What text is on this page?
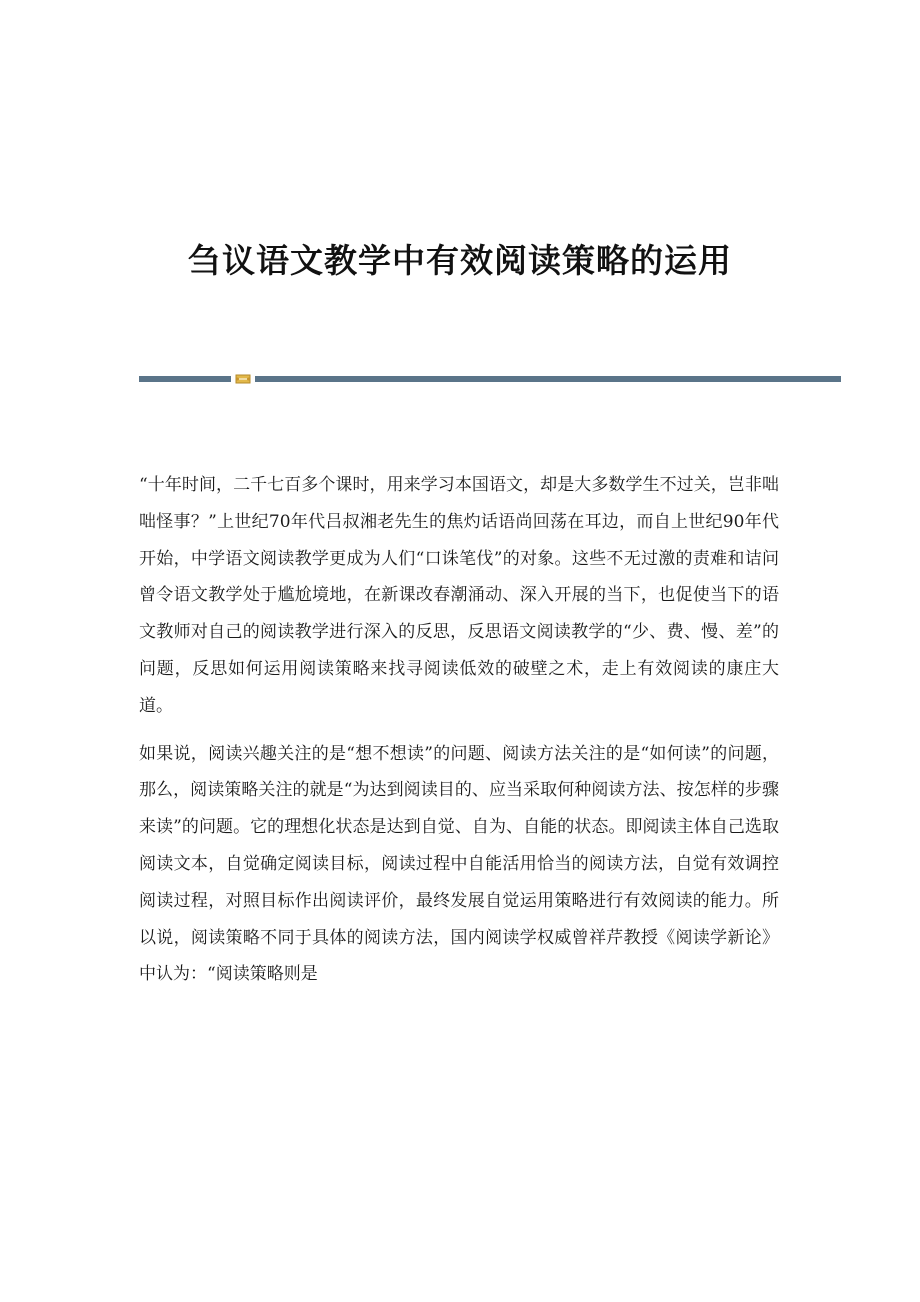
刍议语文教学中有效阅读策略的运用

“十年时间，二千七百多个课时，用来学习本国语文，却是大多数学生不过关，岂非咄咄怪事？”上世纪70年代吕叔湘老先生的焦灼话语尚回荡在耳边，而自上世纪90年代开始，中学语文阅读教学更成为人们“口诛笔伐”的对象。这些不无过激的责难和诘问曾令语文教学处于尴尬境地，在新课改春潮涌动、深入开展的当下，也促使当下的语文教师对自己的阅读教学进行深入的反思，反思语文阅读教学的“少、费、慢、差”的问题，反思如何运用阅读策略来找寻阅读低效的破壁之术，走上有效阅读的康庄大道。

如果说，阅读兴趣关注的是“想不想读”的问题、阅读方法关注的是“如何读”的问题，那么，阅读策略关注的就是“为达到阅读目的、应当采取何种阅读方法、按怎样的步骤来读”的问题。它的理想化状态是达到自觉、自为、自能的状态。即阅读主体自己选取阅读文本，自觉确定阅读目标，阅读过程中自能活用恰当的阅读方法，自觉有效调控阅读过程，对照目标作出阅读评价，最终发展自觉运用策略进行有效阅读的能力。所以说，阅读策略不同于具体的阅读方法，国内阅读学权威曾祥芹教授《阅读学新论》中认为：“阅读策略则是
